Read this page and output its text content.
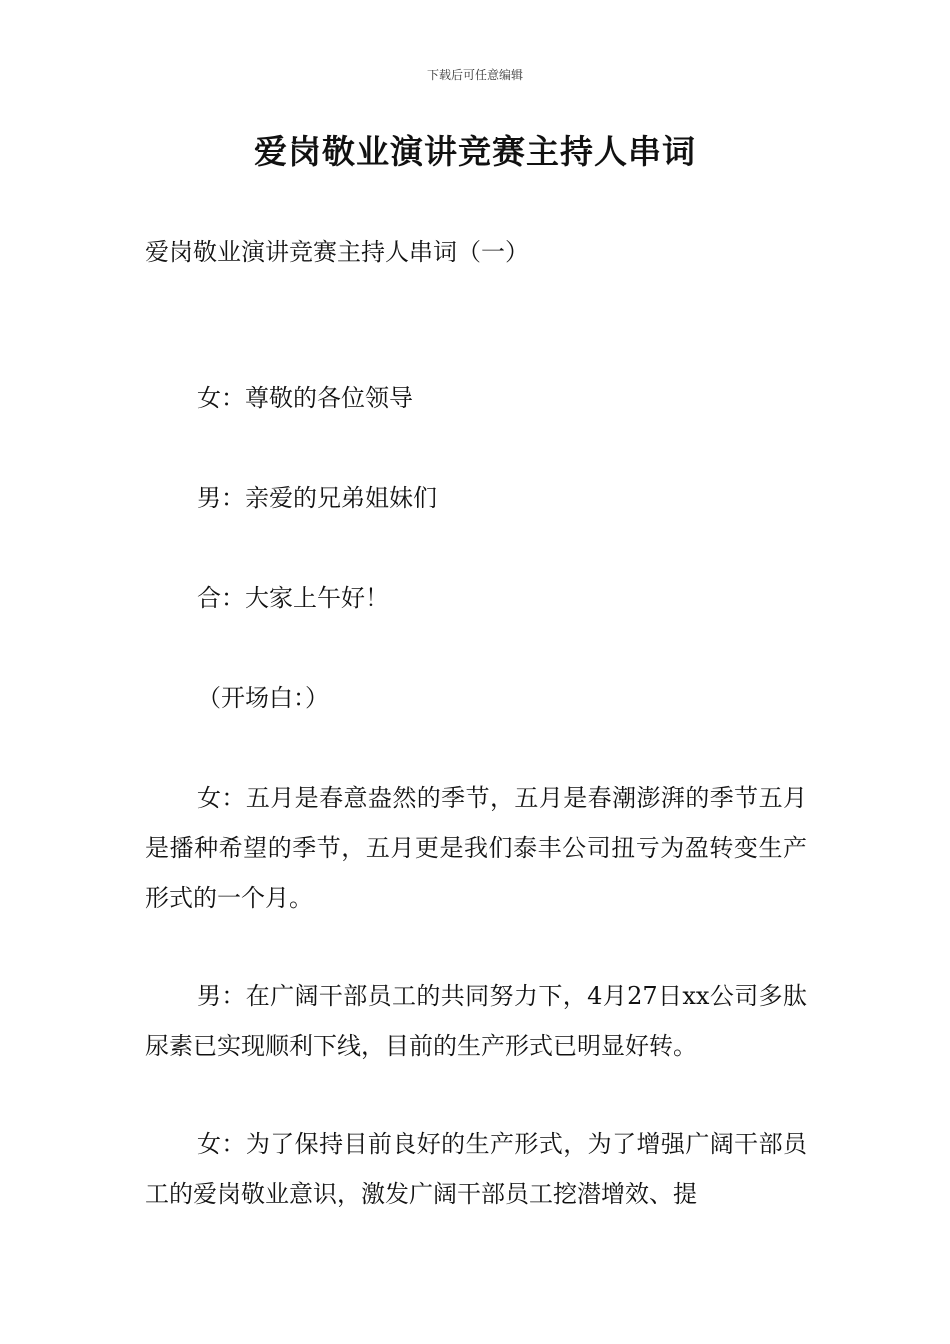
下载后可任意编辑
爱岗敬业演讲竞赛主持人串词
爱岗敬业演讲竞赛主持人串词（一）
女：尊敬的各位领导
男：亲爱的兄弟姐妹们
合：大家上午好！
（开场白：）
女：五月是春意盎然的季节，五月是春潮澎湃的季节五月是播种希望的季节，五月更是我们泰丰公司扭亏为盈转变生产形式的一个月。
男：在广阔干部员工的共同努力下，4月27日xx公司多肽尿素已实现顺利下线，目前的生产形式已明显好转。
女：为了保持目前良好的生产形式，为了增强广阔干部员工的爱岗敬业意识，激发广阔干部员工挖潜增效、提
